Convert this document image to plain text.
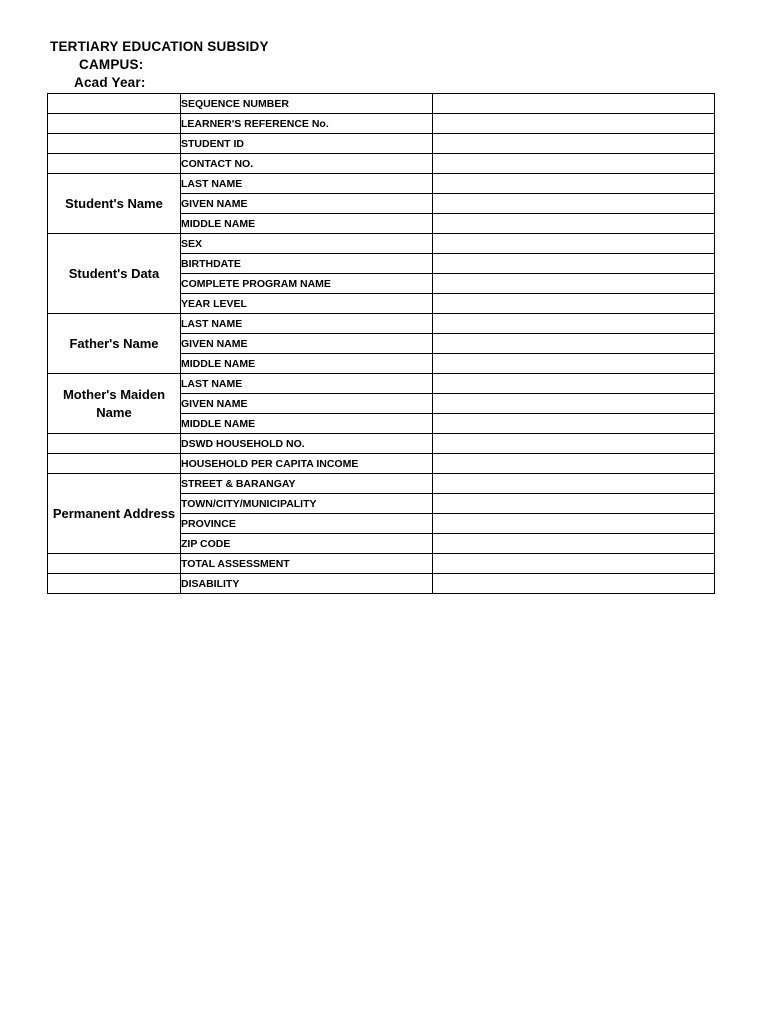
TERTIARY EDUCATION SUBSIDY
CAMPUS:
Acad Year:
	SEQUENCE NUMBER	
	LEARNER'S REFERENCE No.	
	STUDENT ID	
	CONTACT NO.	
Student's Name	LAST NAME	
	GIVEN NAME	
	MIDDLE NAME	
Student's Data	SEX	
	BIRTHDATE	
	COMPLETE PROGRAM NAME	
	YEAR LEVEL	
Father's Name	LAST NAME	
	GIVEN NAME	
	MIDDLE NAME	
Mother's Maiden Name	LAST NAME	
	GIVEN NAME	
	MIDDLE NAME	
	DSWD HOUSEHOLD NO.	
	HOUSEHOLD PER CAPITA INCOME	
Permanent Address	STREET & BARANGAY	
	TOWN/CITY/MUNICIPALITY	
	PROVINCE	
	ZIP CODE	
	TOTAL ASSESSMENT	
	DISABILITY	
